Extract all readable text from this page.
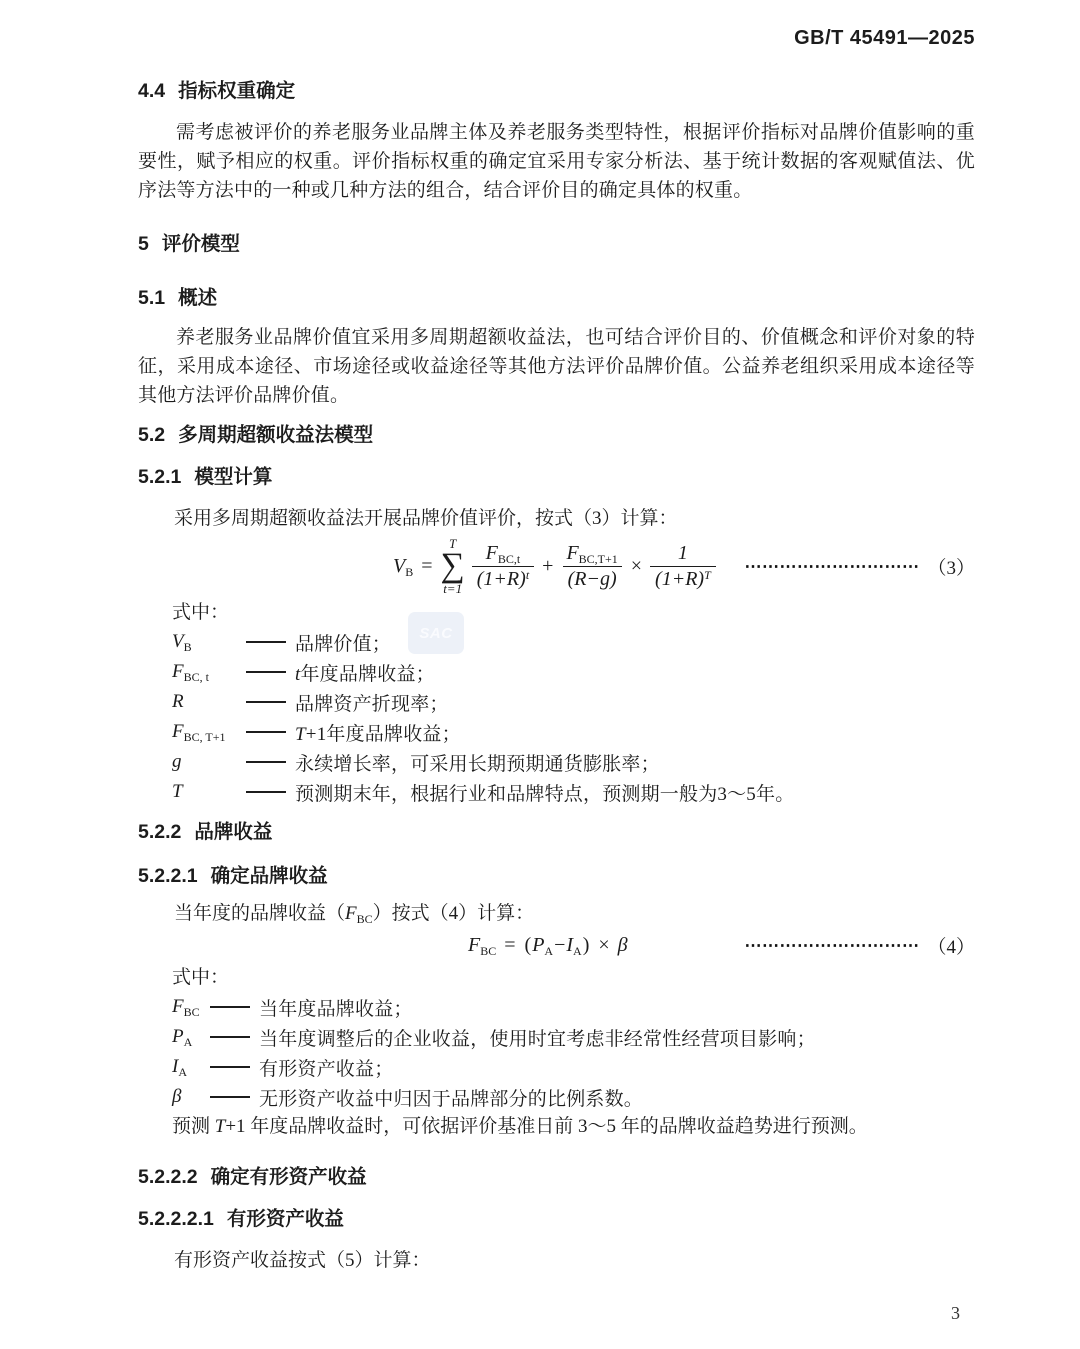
GB/T 45491—2025
4.4 指标权重确定
需考虑被评价的养老服务业品牌主体及养老服务类型特性，根据评价指标对品牌价值影响的重要性，赋予相应的权重。评价指标权重的确定宜采用专家分析法、基于统计数据的客观赋值法、优序法等方法中的一种或几种方法的组合，结合评价目的确定具体的权重。
5 评价模型
5.1 概述
养老服务业品牌价值宜采用多周期超额收益法，也可结合评价目的、价值概念和评价对象的特征，采用成本途径、市场途径或收益途径等其他方法评价品牌价值。公益养老组织采用成本途径等其他方法评价品牌价值。
5.2 多周期超额收益法模型
5.2.1 模型计算
采用多周期超额收益法开展品牌价值评价，按式（3）计算：
$V_B$ =
T
∑
$t=1 \frac{F_{BC,t}}{(1+R)^t} + \frac{F_{BC,T+1}}{(R-g)} \times \frac{1}{(1+R)^T}$	⋯⋯⋯⋯⋯⋯⋯⋯⋯⋯ （3）
式中：
$V_B$	品牌价值；
$F_{BC, t}$	t年度品牌收益；
R	品牌资产折现率；
$F_{BC, T+1}$	T+1年度品牌收益；
g	永续增长率，可采用长期预期通货膨胀率；
T	预测期末年，根据行业和品牌特点，预测期一般为3～5年。
5.2.2 品牌收益
5.2.2.1 确定品牌收益
当年度的品牌收益$(F_{BC})$按式（4）计算：
$F_{BC} = (P_A-I_A) \times \beta$	⋯⋯⋯⋯⋯⋯⋯⋯⋯⋯ （4）
式中：
$F_{BC}$	当年度品牌收益；
$P_A$	当年度调整后的企业收益，使用时宜考虑非经常性经营项目影响；
$I_A$	有形资产收益；
β	无形资产收益中归因于品牌部分的比例系数。
预测 T+1 年度品牌收益时，可依据评价基准日前 3～5 年的品牌收益趋势进行预测。
5.2.2.2 确定有形资产收益
5.2.2.2.1 有形资产收益
有形资产收益按式（5）计算：
SAC
3
